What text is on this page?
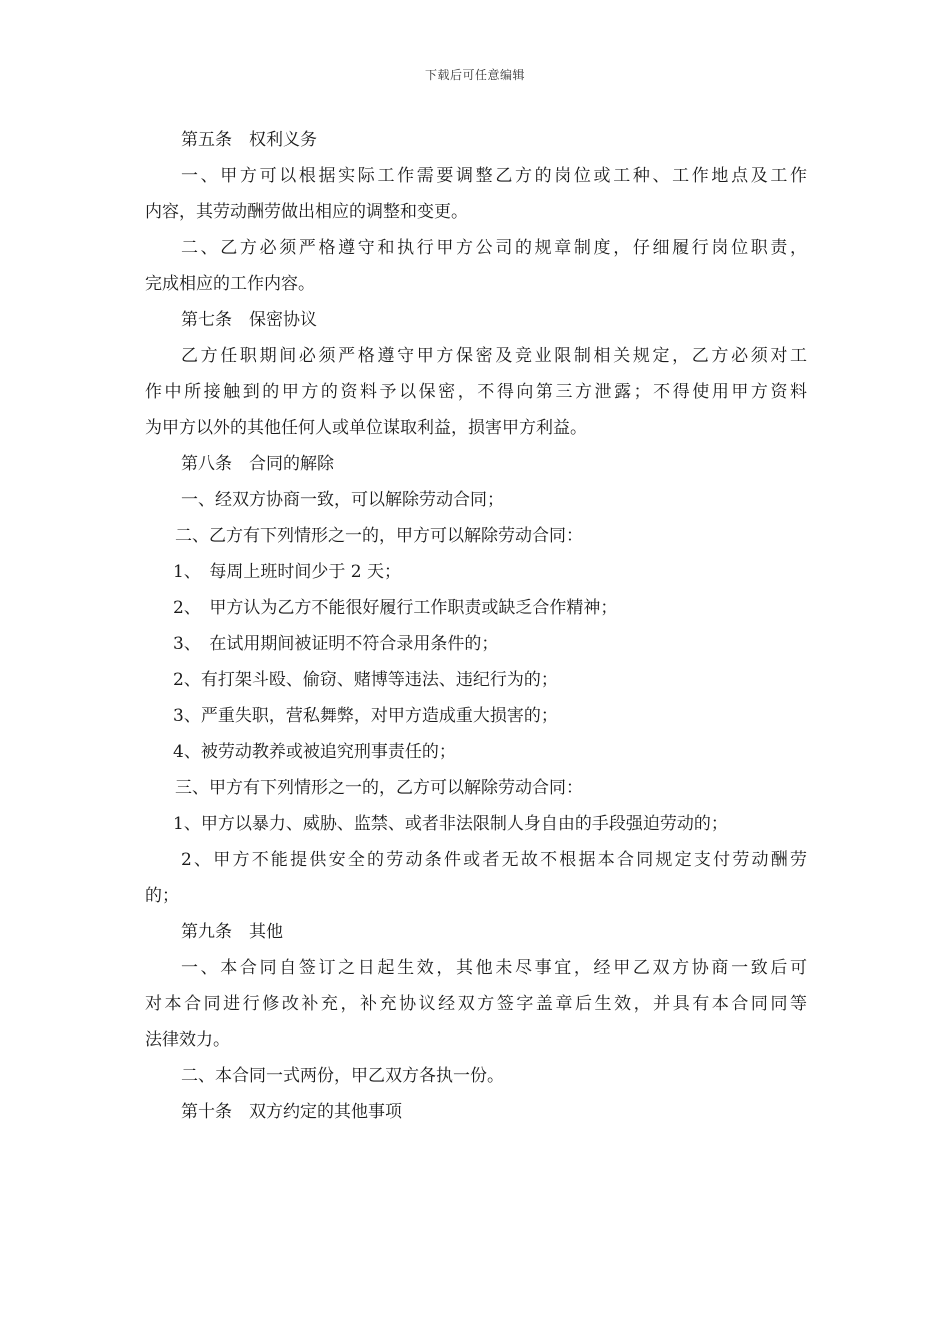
下载后可任意编辑
第五条　权利义务
一、甲方可以根据实际工作需要调整乙方的岗位或工种、工作地点及工作
内容，其劳动酬劳做出相应的调整和变更。
二、乙方必须严格遵守和执行甲方公司的规章制度，仔细履行岗位职责，
完成相应的工作内容。
第七条　保密协议
乙方任职期间必须严格遵守甲方保密及竞业限制相关规定，乙方必须对工
作中所接触到的甲方的资料予以保密，不得向第三方泄露；不得使用甲方资料
为甲方以外的其他任何人或单位谋取利益，损害甲方利益。
第八条　合同的解除
一、经双方协商一致，可以解除劳动合同；
二、乙方有下列情形之一的，甲方可以解除劳动合同：
1、　每周上班时间少于 2 天；
2、　甲方认为乙方不能很好履行工作职责或缺乏合作精神；
3、　在试用期间被证明不符合录用条件的；
2、有打架斗殴、偷窃、赌博等违法、违纪行为的；
3、严重失职，营私舞弊，对甲方造成重大损害的；
4、被劳动教养或被追究刑事责任的；
三、甲方有下列情形之一的，乙方可以解除劳动合同：
1、甲方以暴力、威胁、监禁、或者非法限制人身自由的手段强迫劳动的；
2、甲方不能提供安全的劳动条件或者无故不根据本合同规定支付劳动酬劳
的；
第九条　其他
一、本合同自签订之日起生效，其他未尽事宜，经甲乙双方协商一致后可
对本合同进行修改补充，补充协议经双方签字盖章后生效，并具有本合同同等
法律效力。
二、本合同一式两份，甲乙双方各执一份。
第十条　双方约定的其他事项
